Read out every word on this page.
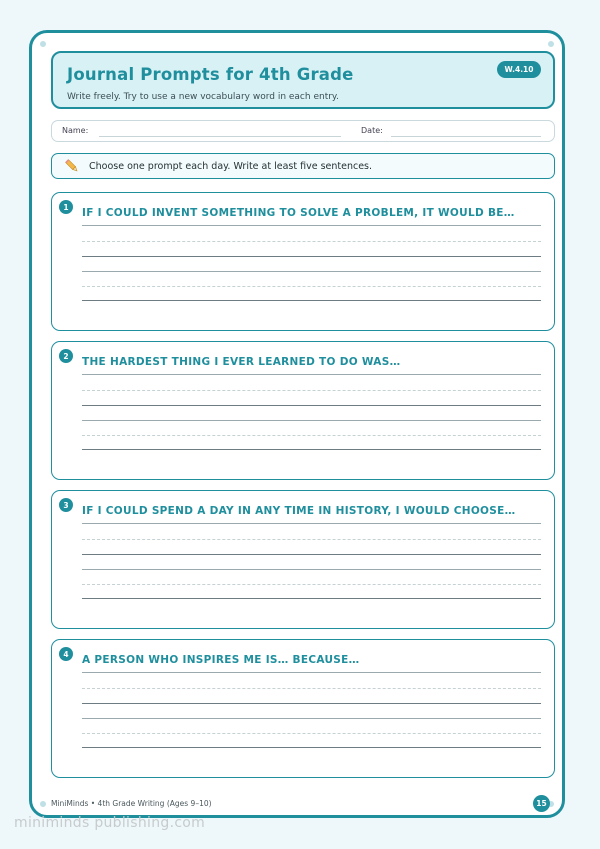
Journal Prompts for 4th Grade
Write freely. Try to use a new vocabulary word in each entry.
W.4.10
Name:	Date:
Choose one prompt each day. Write at least five sentences.
1	IF I COULD INVENT SOMETHING TO SOLVE A PROBLEM, IT WOULD BE…
2	THE HARDEST THING I EVER LEARNED TO DO WAS…
3	IF I COULD SPEND A DAY IN ANY TIME IN HISTORY, I WOULD CHOOSE…
4	A PERSON WHO INSPIRES ME IS… BECAUSE…
MiniMinds • 4th Grade Writing (Ages 9–10)	15
miniminds publishing.com
